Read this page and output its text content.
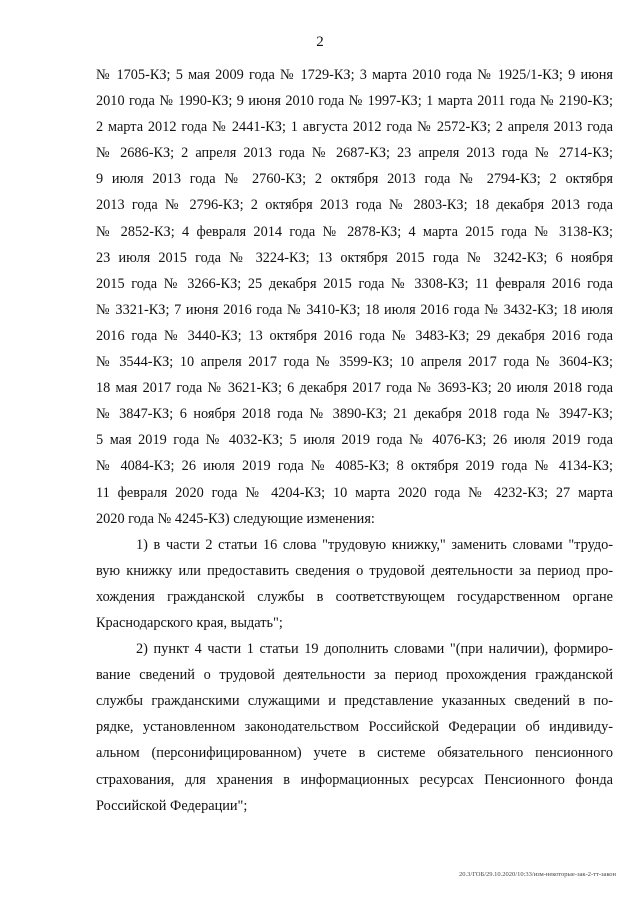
2
№ 1705-КЗ; 5 мая 2009 года № 1729-КЗ; 3 марта 2010 года № 1925/1-КЗ; 9 июня
2010 года № 1990-КЗ; 9 июня 2010 года № 1997-КЗ; 1 марта 2011 года № 2190-КЗ;
2 марта 2012 года № 2441-КЗ; 1 августа 2012 года № 2572-КЗ; 2 апреля 2013 года
№ 2686-КЗ; 2 апреля 2013 года № 2687-КЗ; 23 апреля 2013 года № 2714-КЗ;
9 июля 2013 года № 2760-КЗ; 2 октября 2013 года № 2794-КЗ; 2 октября
2013 года № 2796-КЗ; 2 октября 2013 года № 2803-КЗ; 18 декабря 2013 года
№ 2852-КЗ; 4 февраля 2014 года № 2878-КЗ; 4 марта 2015 года № 3138-КЗ;
23 июля 2015 года № 3224-КЗ; 13 октября 2015 года № 3242-КЗ; 6 ноября
2015 года № 3266-КЗ; 25 декабря 2015 года № 3308-КЗ; 11 февраля 2016 года
№ 3321-КЗ; 7 июня 2016 года № 3410-КЗ; 18 июля 2016 года № 3432-КЗ; 18 июля
2016 года № 3440-КЗ; 13 октября 2016 года № 3483-КЗ; 29 декабря 2016 года
№ 3544-КЗ; 10 апреля 2017 года № 3599-КЗ; 10 апреля 2017 года № 3604-КЗ;
18 мая 2017 года № 3621-КЗ; 6 декабря 2017 года № 3693-КЗ; 20 июля 2018 года
№ 3847-КЗ; 6 ноября 2018 года № 3890-КЗ; 21 декабря 2018 года № 3947-КЗ;
5 мая 2019 года № 4032-КЗ; 5 июля 2019 года № 4076-КЗ; 26 июля 2019 года
№ 4084-КЗ; 26 июля 2019 года № 4085-КЗ; 8 октября 2019 года № 4134-КЗ;
11 февраля 2020 года № 4204-КЗ; 10 марта 2020 года № 4232-КЗ; 27 марта
2020 года № 4245-КЗ) следующие изменения:
1) в части 2 статьи 16 слова "трудовую книжку," заменить словами "трудо-
вую книжку или предоставить сведения о трудовой деятельности за период про-
хождения гражданской службы в соответствующем государственном органе
Краснодарского края, выдать";
2) пункт 4 части 1 статьи 19 дополнить словами "(при наличии), формиро-
вание сведений о трудовой деятельности за период прохождения гражданской
службы гражданскими служащими и представление указанных сведений в по-
рядке, установленном законодательством Российской Федерации об индивиду-
альном (персонифицированном) учете в системе обязательного пенсионного
страхования, для хранения в информационных ресурсах Пенсионного фонда
Российской Федерации";
20.3/ГОБ/29.10.2020/10:33/изм-некоторые-зак-2-тт-закон
